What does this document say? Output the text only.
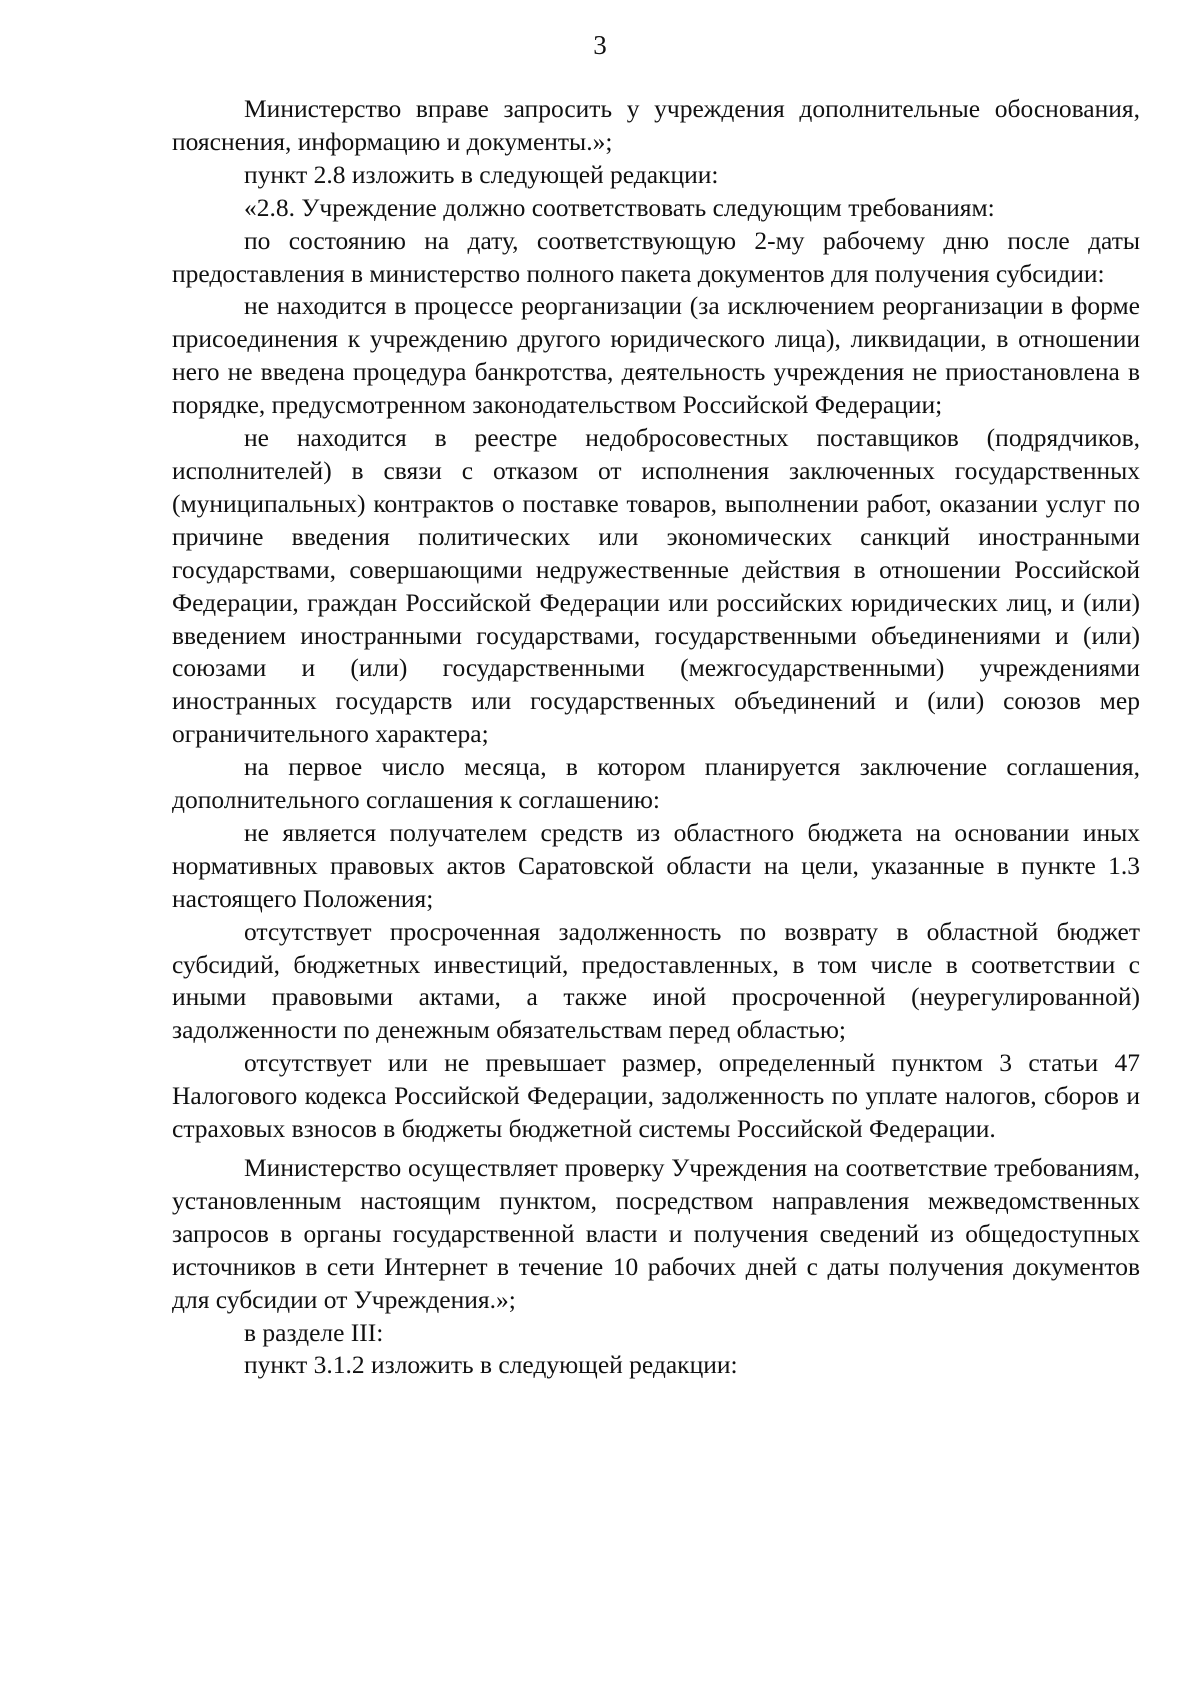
3

Министерство вправе запросить у учреждения дополнительные обоснования, пояснения, информацию и документы.»;

пункт 2.8 изложить в следующей редакции:

«2.8. Учреждение должно соответствовать следующим требованиям:

по состоянию на дату, соответствующую 2-му рабочему дню после даты предоставления в министерство полного пакета документов для получения субсидии:

не находится в процессе реорганизации (за исключением реорганизации в форме присоединения к учреждению другого юридического лица), ликвидации, в отношении него не введена процедура банкротства, деятельность учреждения не приостановлена в порядке, предусмотренном законодательством Российской Федерации;

не находится в реестре недобросовестных поставщиков (подрядчиков, исполнителей) в связи с отказом от исполнения заключенных государственных (муниципальных) контрактов о поставке товаров, выполнении работ, оказании услуг по причине введения политических или экономических санкций иностранными государствами, совершающими недружественные действия в отношении Российской Федерации, граждан Российской Федерации или российских юридических лиц, и (или) введением иностранными государствами, государственными объединениями и (или) союзами и (или) государственными (межгосударственными) учреждениями иностранных государств или государственных объединений и (или) союзов мер ограничительного характера;

на первое число месяца, в котором планируется заключение соглашения, дополнительного соглашения к соглашению:

не является получателем средств из областного бюджета на основании иных нормативных правовых актов Саратовской области на цели, указанные в пункте 1.3 настоящего Положения;

отсутствует просроченная задолженность по возврату в областной бюджет субсидий, бюджетных инвестиций, предоставленных, в том числе в соответствии с иными правовыми актами, а также иной просроченной (неурегулированной) задолженности по денежным обязательствам перед областью;

отсутствует или не превышает размер, определенный пунктом 3 статьи 47 Налогового кодекса Российской Федерации, задолженность по уплате налогов, сборов и страховых взносов в бюджеты бюджетной системы Российской Федерации.

Министерство осуществляет проверку Учреждения на соответствие требованиям, установленным настоящим пунктом, посредством направления межведомственных запросов в органы государственной власти и получения сведений из общедоступных источников в сети Интернет в течение 10 рабочих дней с даты получения документов для субсидии от Учреждения.»;

в разделе III:

пункт 3.1.2 изложить в следующей редакции:
